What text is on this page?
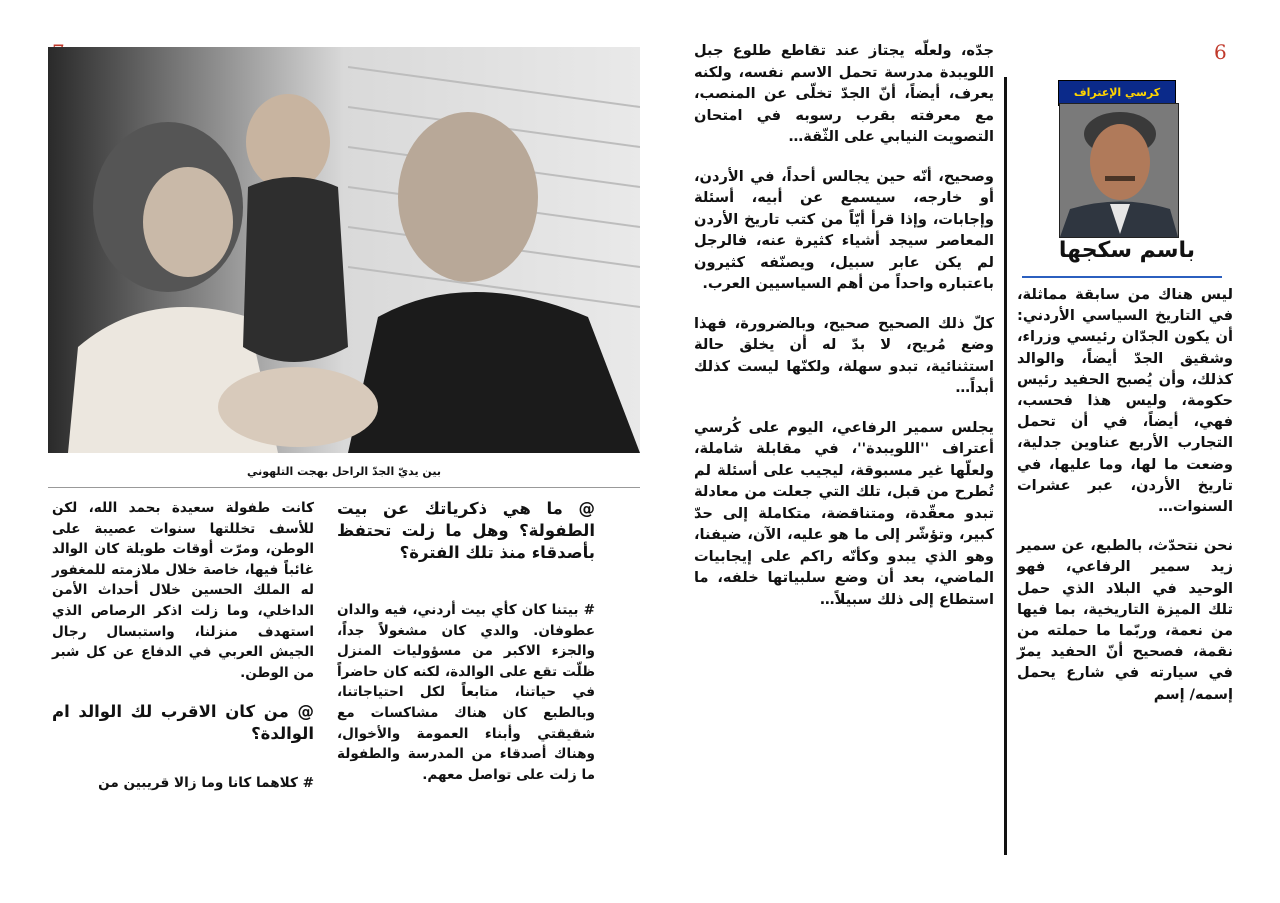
6
بين يديّ الجدّ الراحل بهجت التلهوني
كرسي الإعتراف
باسم سكجها

ليس هناك من سابقة مماثلة، في التاريخ السياسي الأردني: أن يكون الجدّان رئيسي وزراء، وشقيق الجدّ أيضاً، والوالد كذلك، وأن يُصبح الحفيد رئيس حكومة، وليس هذا فحسب، فهي، أيضاً، في أن تحمل التجارب الأربع عناوين جدلية، وضعت ما لها، وما عليها، في تاريخ الأردن، عبر عشرات السنوات…

نحن نتحدّث، بالطبع، عن سمير زيد سمير الرفاعي، فهو الوحيد في البلاد الذي حمل تلك الميزة التاريخية، بما فيها من نعمة، وربّما ما حملته من نقمة، فصحيح أنّ الحفيد يمرّ في سيارته في شارع يحمل إسمه/ إسم

جدّه، ولعلّه يجتاز عند تقاطع طلوع جبل اللويبدة مدرسة تحمل الاسم نفسه، ولكنه يعرف، أيضاً، أنّ الجدّ تخلّى عن المنصب، مع معرفته بقرب رسوبه في امتحان التصويت النيابي على الثّقة…

وصحيح، أنّه حين يجالس أحداً، في الأردن، أو خارجه، سيسمع عن أبيه، أسئلة وإجابات، وإذا قرأ أيّاً من كتب تاريخ الأردن المعاصر سيجد أشياء كثيرة عنه، فالرجل لم يكن عابر سبيل، ويصنّفه كثيرون باعتباره واحداً من أهم السياسيين العرب.

كلّ ذلك الصحيح صحيح، وبالضرورة، فهذا وضع مُريح، لا بدّ له أن يخلق حالة استثنائية، تبدو سهلة، ولكنّها ليست كذلك أبداً…

يجلس سمير الرفاعي، اليوم على كُرسي أعتراف ''اللويبدة''، في مقابلة شاملة، ولعلّها غير مسبوقة، ليجيب على أسئلة لم تُطرح من قبل، تلك التي جعلت من معادلة تبدو معقّدة، ومتناقضة، متكاملة إلى حدّ كبير، وتؤشّر إلى ما هو عليه، الآن، ضيفنا، وهو الذي يبدو وكأنّه راكم على إيجابيات الماضي، بعد أن وضع سلبياتها خلفه، ما استطاع إلى ذلك سبيلاً…

@ ما هي ذكرياتك عن بيت الطفولة؟ وهل ما زلت تحتفظ بأصدقاء منذ تلك الفترة؟

# بيتنا كان كأي بيت أردني، فيه والدان عطوفان. والدي كان مشغولاً جداً، والجزء الاكبر من مسؤوليات المنزل ظلّت تقع على الوالدة، لكنه كان حاضراً في حياتنا، متابعاً لكل احتياجاتنا، وبالطبع كان هناك مشاكسات مع شقيقتي وأبناء العمومة والأخوال، وهناك أصدقاء من المدرسة والطفولة ما زلت على تواصل معهم.

كانت طفولة سعيدة بحمد الله، لكن للأسف تخللتها سنوات عصيبة على الوطن، ومرّت أوقات طويلة كان الوالد غائباً فيها، خاصة خلال ملازمته للمغفور له الملك الحسين خلال أحداث الأمن الداخلي، وما زلت اذكر الرصاص الذي استهدف منزلنا، واستبسال رجال الجيش العربي في الدفاع عن كل شبر من الوطن.

@ من كان الاقرب لك الوالد ام الوالدة؟

# كلاهما كانا وما زالا قريبين من
